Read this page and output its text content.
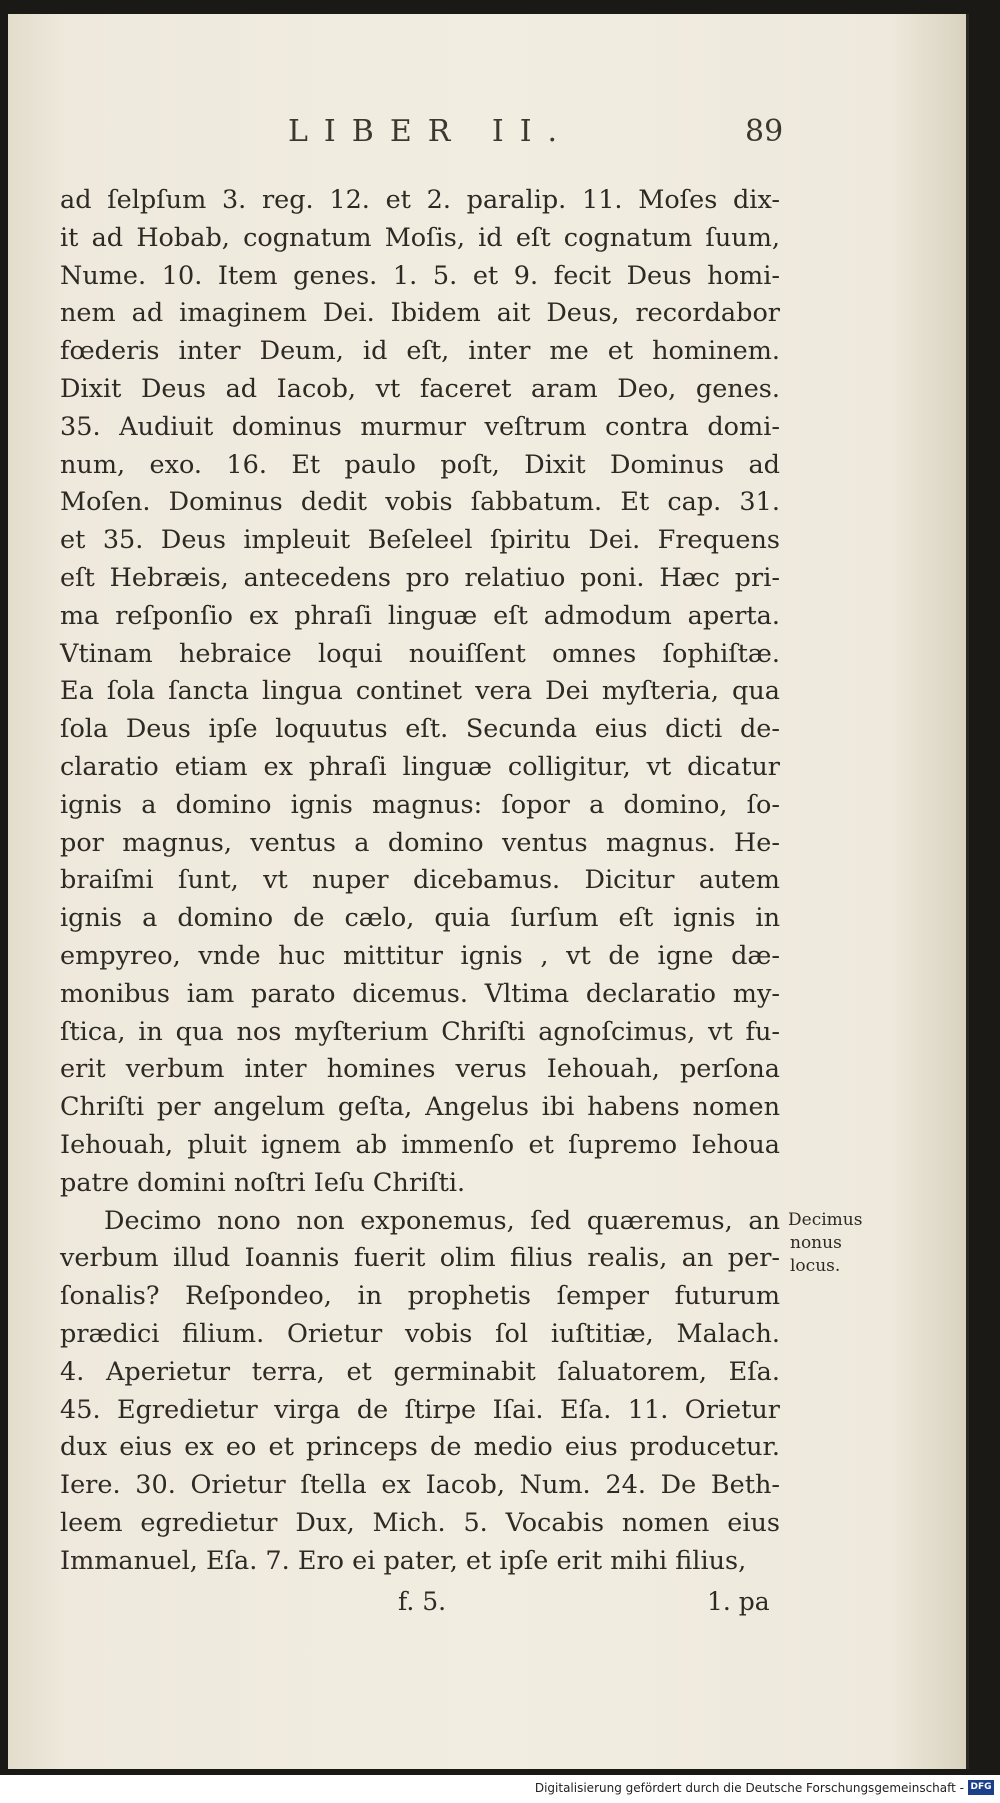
LIBER II.	89
ad ſelpſum 3. reg. 12. et 2. paralip. 11. Moſes dix-
it ad Hobab, cognatum Moſis, id eſt cognatum ſuum,
Nume. 10. Item genes. 1. 5. et 9. fecit Deus homi-
nem ad imaginem Dei. Ibidem ait Deus, recordabor
fœderis inter Deum, id eſt, inter me et hominem.
Dixit Deus ad Iacob, vt faceret aram Deo, genes.
35. Audiuit dominus murmur veſtrum contra domi-
num, exo. 16. Et paulo poſt, Dixit Dominus ad
Moſen. Dominus dedit vobis ſabbatum. Et cap. 31.
et 35. Deus impleuit Beſeleel ſpiritu Dei. Frequens
eſt Hebræis, antecedens pro relatiuo poni. Hæc pri-
ma reſponſio ex phraſi linguæ eſt admodum aperta.
Vtinam hebraice loqui nouiſſent omnes ſophiſtæ.
Ea ſola ſancta lingua continet vera Dei myſteria, qua
ſola Deus ipſe loquutus eſt. Secunda eius dicti de-
claratio etiam ex phraſi linguæ colligitur, vt dicatur
ignis a domino ignis magnus: ſopor a domino, ſo-
por magnus, ventus a domino ventus magnus. He-
braiſmi ſunt, vt nuper dicebamus. Dicitur autem
ignis a domino de cælo, quia ſurſum eſt ignis in
empyreo, vnde huc mittitur ignis , vt de igne dæ-
monibus iam parato dicemus. Vltima declaratio my-
ſtica, in qua nos myſterium Chriſti agnoſcimus, vt fu-
erit verbum inter homines verus Iehouah, perſona
Chriſti per angelum geſta, Angelus ibi habens nomen
Iehouah, pluit ignem ab immenſo et ſupremo Iehoua
patre domini noſtri Ieſu Chriſti.
Decimo nono non exponemus, ſed quæremus, an
verbum illud Ioannis fuerit olim filius realis, an per-
ſonalis? Reſpondeo, in prophetis ſemper futurum
prædici filium. Orietur vobis ſol iuſtitiæ, Malach.
4. Aperietur terra, et germinabit ſaluatorem, Eſa.
45. Egredietur virga de ſtirpe Iſai. Eſa. 11. Orietur
dux eius ex eo et princeps de medio eius producetur.
Iere. 30. Orietur ſtella ex Iacob, Num. 24. De Beth-
leem egredietur Dux, Mich. 5. Vocabis nomen eius
Immanuel, Eſa. 7. Ero ei pater, et ipſe erit mihi filius,
Decimus
nonus
locus.
f. 5.	1. pa
Digitalisierung gefördert durch die Deutsche Forschungsgemeinschaft - DFG
